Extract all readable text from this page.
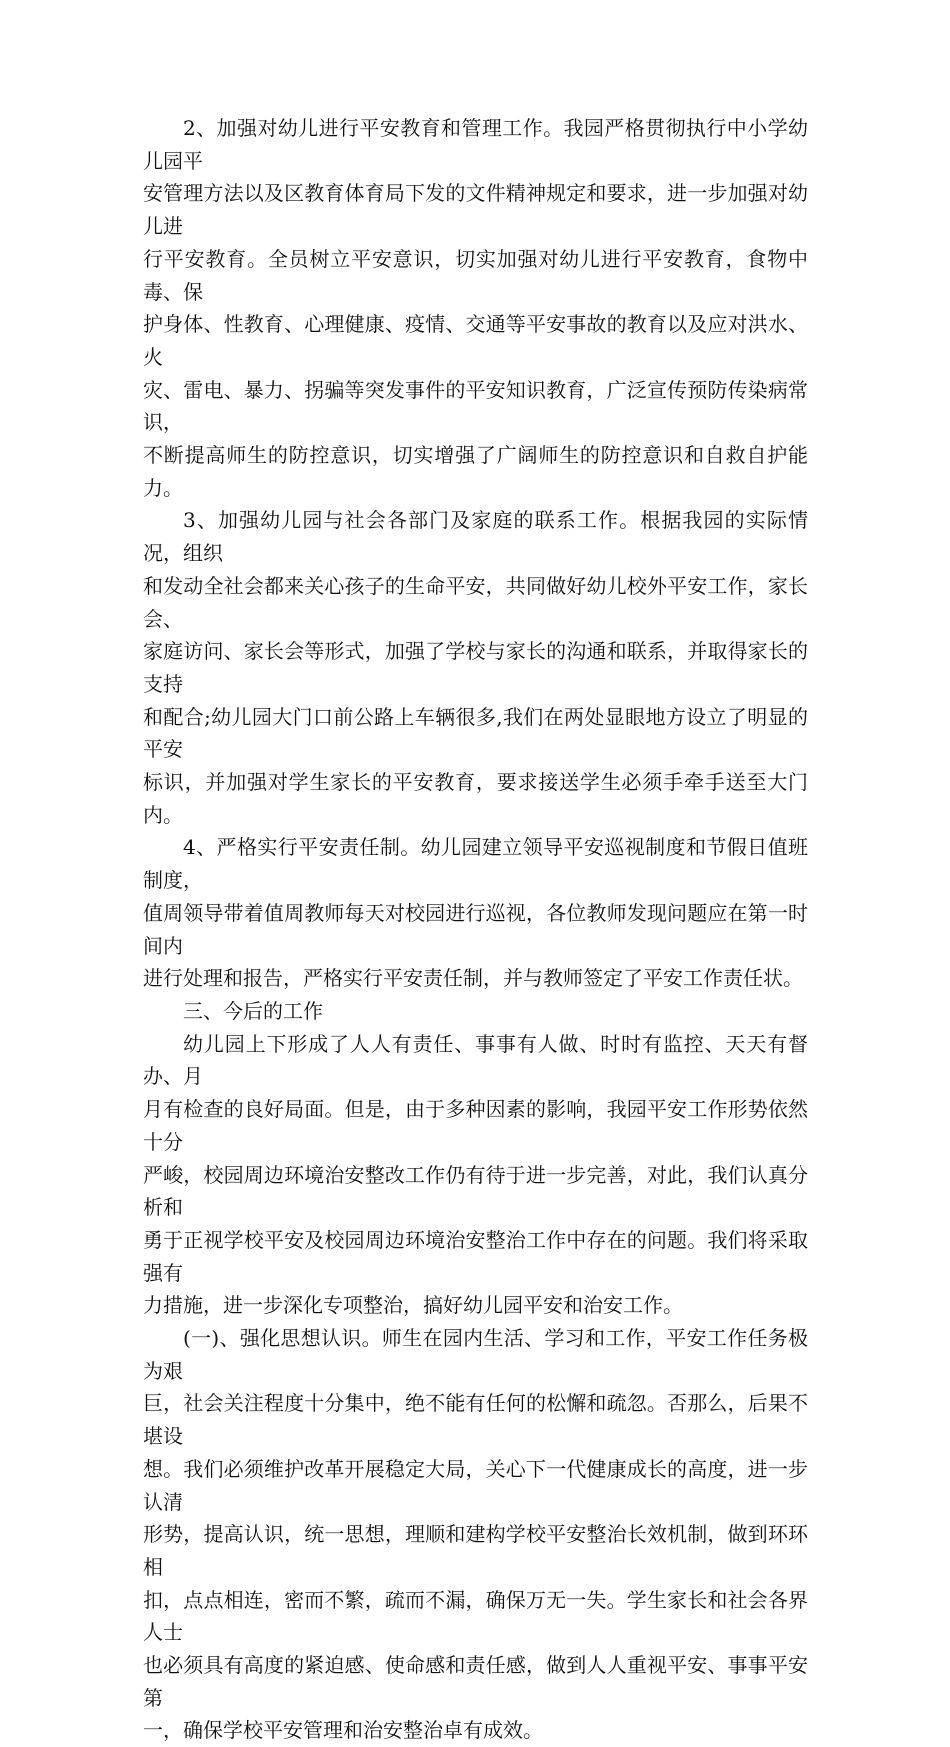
2、加强对幼儿进行平安教育和管理工作。我园严格贯彻执行中小学幼儿园平
安管理方法以及区教育体育局下发的文件精神规定和要求，进一步加强对幼儿进
行平安教育。全员树立平安意识，切实加强对幼儿进行平安教育，食物中毒、保
护身体、性教育、心理健康、疫情、交通等平安事故的教育以及应对洪水、火
灾、雷电、暴力、拐骗等突发事件的平安知识教育，广泛宣传预防传染病常识，
不断提高师生的防控意识，切实增强了广阔师生的防控意识和自救自护能力。

3、加强幼儿园与社会各部门及家庭的联系工作。根据我园的实际情况，组织
和发动全社会都来关心孩子的生命平安，共同做好幼儿校外平安工作，家长会、
家庭访问、家长会等形式，加强了学校与家长的沟通和联系，并取得家长的支持
和配合;幼儿园大门口前公路上车辆很多,我们在两处显眼地方设立了明显的平安
标识，并加强对学生家长的平安教育，要求接送学生必须手牵手送至大门内。

4、严格实行平安责任制。幼儿园建立领导平安巡视制度和节假日值班制度，
值周领导带着值周教师每天对校园进行巡视，各位教师发现问题应在第一时间内
进行处理和报告，严格实行平安责任制，并与教师签定了平安工作责任状。

三、今后的工作

幼儿园上下形成了人人有责任、事事有人做、时时有监控、天天有督办、月
月有检查的良好局面。但是，由于多种因素的影响，我园平安工作形势依然十分
严峻，校园周边环境治安整改工作仍有待于进一步完善，对此，我们认真分析和
勇于正视学校平安及校园周边环境治安整治工作中存在的问题。我们将采取强有
力措施，进一步深化专项整治，搞好幼儿园平安和治安工作。

(一)、强化思想认识。师生在园内生活、学习和工作，平安工作任务极为艰
巨，社会关注程度十分集中，绝不能有任何的松懈和疏忽。否那么，后果不堪设
想。我们必须维护改革开展稳定大局，关心下一代健康成长的高度，进一步认清
形势，提高认识，统一思想，理顺和建构学校平安整治长效机制，做到环环相
扣，点点相连，密而不繁，疏而不漏，确保万无一失。学生家长和社会各界人士
也必须具有高度的紧迫感、使命感和责任感，做到人人重视平安、事事平安第
一，确保学校平安管理和治安整治卓有成效。
